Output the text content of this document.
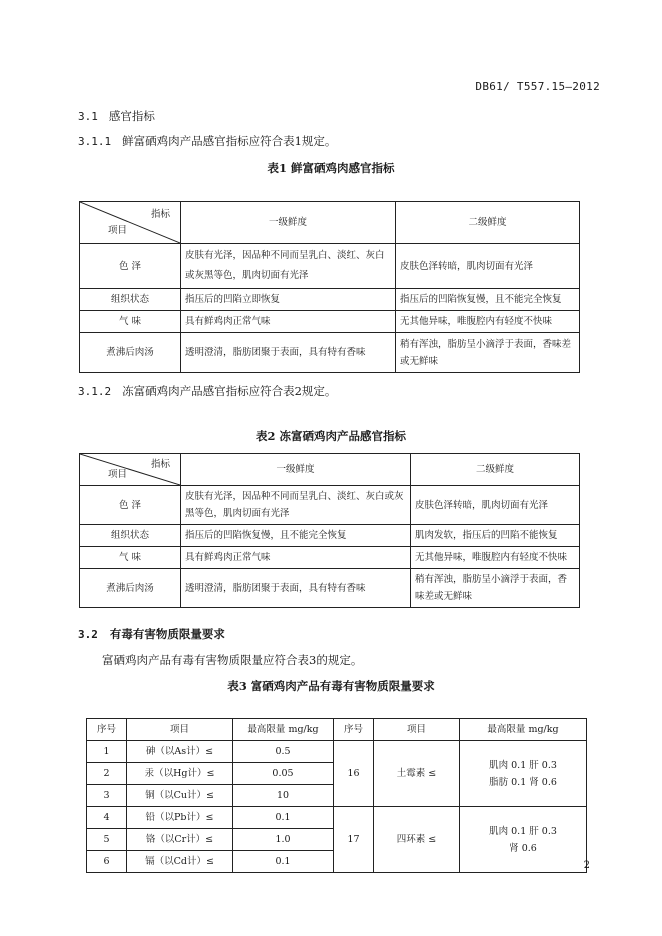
DB61/ T557.15—2012
3.1 感官指标
3.1.1 鲜富硒鸡肉产品感官指标应符合表1规定。
表1 鲜富硒鸡肉感官指标
指标
项目	一级鲜度	二级鲜度
色 泽	皮肤有光泽，因品种不同而呈乳白、淡红、灰白或灰黑等色，肌肉切面有光泽	皮肤色泽转暗，肌肉切面有光泽
组织状态	指压后的凹陷立即恢复	指压后的凹陷恢复慢，且不能完全恢复
气 味	具有鲜鸡肉正常气味	无其他异味，唯腹腔内有轻度不快味
煮沸后肉汤	透明澄清，脂肪团聚于表面，具有特有香味	稍有浑浊，脂肪呈小滴浮于表面，香味差或无鲜味
3.1.2 冻富硒鸡肉产品感官指标应符合表2规定。
表2 冻富硒鸡肉产品感官指标
指标
项目	一级鲜度	二级鲜度
色 泽	皮肤有光泽，因品种不同而呈乳白、淡红、灰白或灰黑等色，肌肉切面有光泽	皮肤色泽转暗，肌肉切面有光泽
组织状态	指压后的凹陷恢复慢，且不能完全恢复	肌肉发软，指压后的凹陷不能恢复
气 味	具有鲜鸡肉正常气味	无其他异味，唯腹腔内有轻度不快味
煮沸后肉汤	透明澄清，脂肪团聚于表面，具有特有香味	稍有浑浊，脂肪呈小滴浮于表面，香味差或无鲜味
3.2 有毒有害物质限量要求
富硒鸡肉产品有毒有害物质限量应符合表3的规定。
表3 富硒鸡肉产品有毒有害物质限量要求
序号	项目	最高限量 mg/kg	序号	项目	最高限量 mg/kg
1	砷（以As计）≤	0.5	16	土霉素 ≤	肌肉 0.1 肝 0.3
脂肪 0.1 肾 0.6

2	汞（以Hg计）≤	0.05			
3	铜（以Cu计）≤	10			
4	铅（以Pb计）≤	0.1	17	四环素 ≤	肌肉 0.1 肝 0.3
肾 0.6

5	铬（以Cr计）≤	1.0			
6	镉（以Cd计）≤	0.1				2
